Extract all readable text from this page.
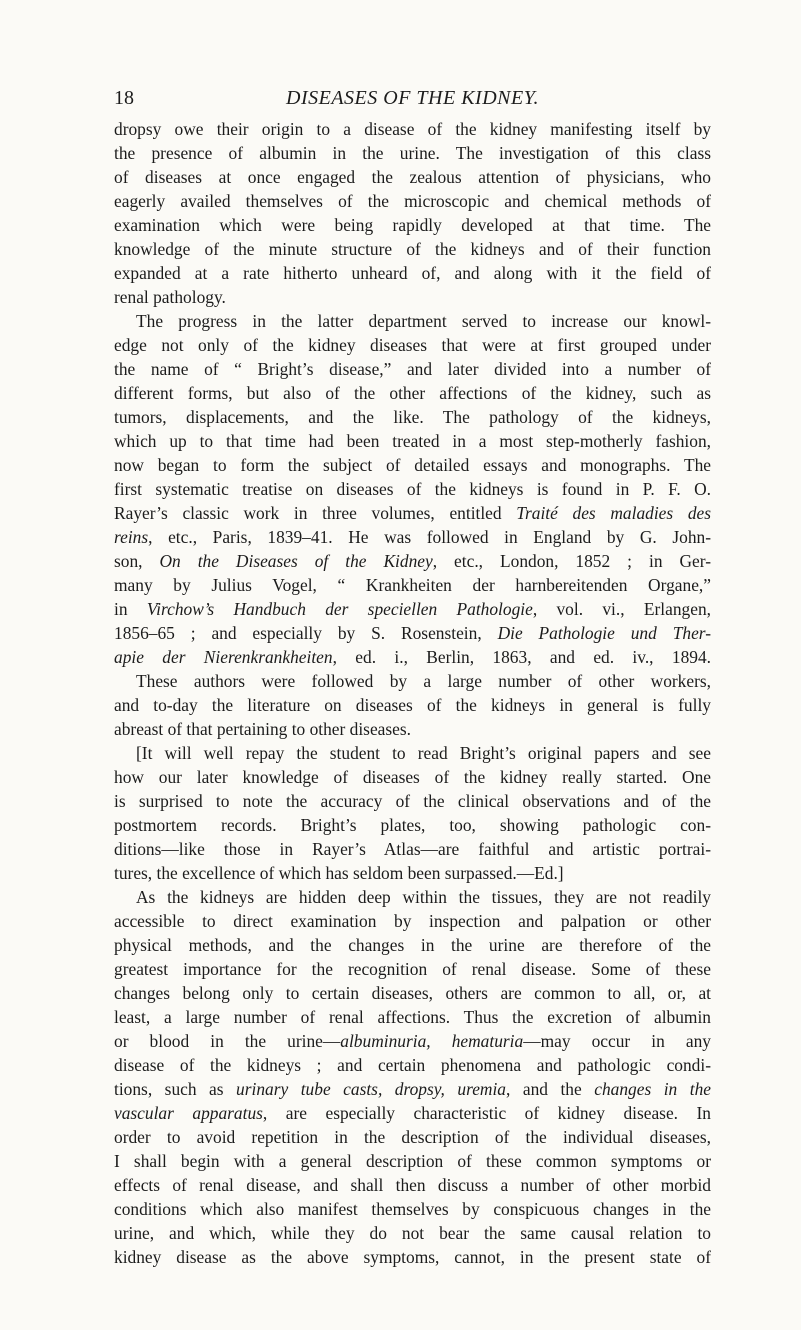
18	DISEASES OF THE KIDNEY.
dropsy owe their origin to a disease of the kidney manifesting itself by
the presence of albumin in the urine. The investigation of this class
of diseases at once engaged the zealous attention of physicians, who
eagerly availed themselves of the microscopic and chemical methods of
examination which were being rapidly developed at that time. The
knowledge of the minute structure of the kidneys and of their function
expanded at a rate hitherto unheard of, and along with it the field of
renal pathology.
The progress in the latter department served to increase our knowl-
edge not only of the kidney diseases that were at first grouped under
the name of “ Bright’s disease,” and later divided into a number of
different forms, but also of the other affections of the kidney, such as
tumors, displacements, and the like. The pathology of the kidneys,
which up to that time had been treated in a most step-motherly fashion,
now began to form the subject of detailed essays and monographs. The
first systematic treatise on diseases of the kidneys is found in P. F. O.
Rayer’s classic work in three volumes, entitled Traité des maladies des
reins, etc., Paris, 1839–41. He was followed in England by G. John-
son, On the Diseases of the Kidney, etc., London, 1852 ; in Ger-
many by Julius Vogel, “ Krankheiten der harnbereitenden Organe,”
in Virchow’s Handbuch der speciellen Pathologie, vol. vi., Erlangen,
1856–65 ; and especially by S. Rosenstein, Die Pathologie und Ther-
apie der Nierenkrankheiten, ed. i., Berlin, 1863, and ed. iv., 1894.
These authors were followed by a large number of other workers,
and to-day the literature on diseases of the kidneys in general is fully
abreast of that pertaining to other diseases.
[It will well repay the student to read Bright’s original papers and see
how our later knowledge of diseases of the kidney really started. One
is surprised to note the accuracy of the clinical observations and of the
postmortem records. Bright’s plates, too, showing pathologic con-
ditions—like those in Rayer’s Atlas—are faithful and artistic portrai-
tures, the excellence of which has seldom been surpassed.—Ed.]
As the kidneys are hidden deep within the tissues, they are not readily
accessible to direct examination by inspection and palpation or other
physical methods, and the changes in the urine are therefore of the
greatest importance for the recognition of renal disease. Some of these
changes belong only to certain diseases, others are common to all, or, at
least, a large number of renal affections. Thus the excretion of albumin
or blood in the urine—albuminuria, hematuria—may occur in any
disease of the kidneys ; and certain phenomena and pathologic condi-
tions, such as urinary tube casts, dropsy, uremia, and the changes in the
vascular apparatus, are especially characteristic of kidney disease. In
order to avoid repetition in the description of the individual diseases,
I shall begin with a general description of these common symptoms or
effects of renal disease, and shall then discuss a number of other morbid
conditions which also manifest themselves by conspicuous changes in the
urine, and which, while they do not bear the same causal relation to
kidney disease as the above symptoms, cannot, in the present state of
